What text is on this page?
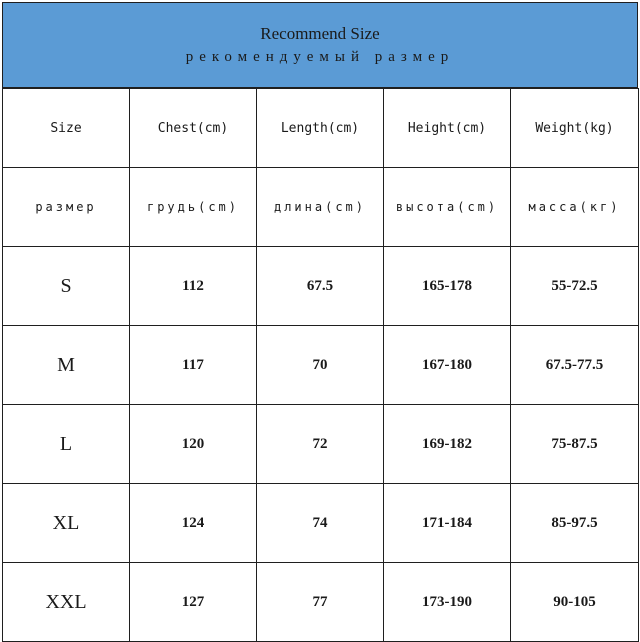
Recommend Size
рекомендуемый размер
Size	Chest(cm)	Length(cm)	Height(cm)	Weight(kg)
размер	грудь(cm)	длина(cm)	высота(cm)	масса(кг)
S	112	67.5	165-178	55-72.5
M	117	70	167-180	67.5-77.5
L	120	72	169-182	75-87.5
XL	124	74	171-184	85-97.5
XXL	127	77	173-190	90-105
